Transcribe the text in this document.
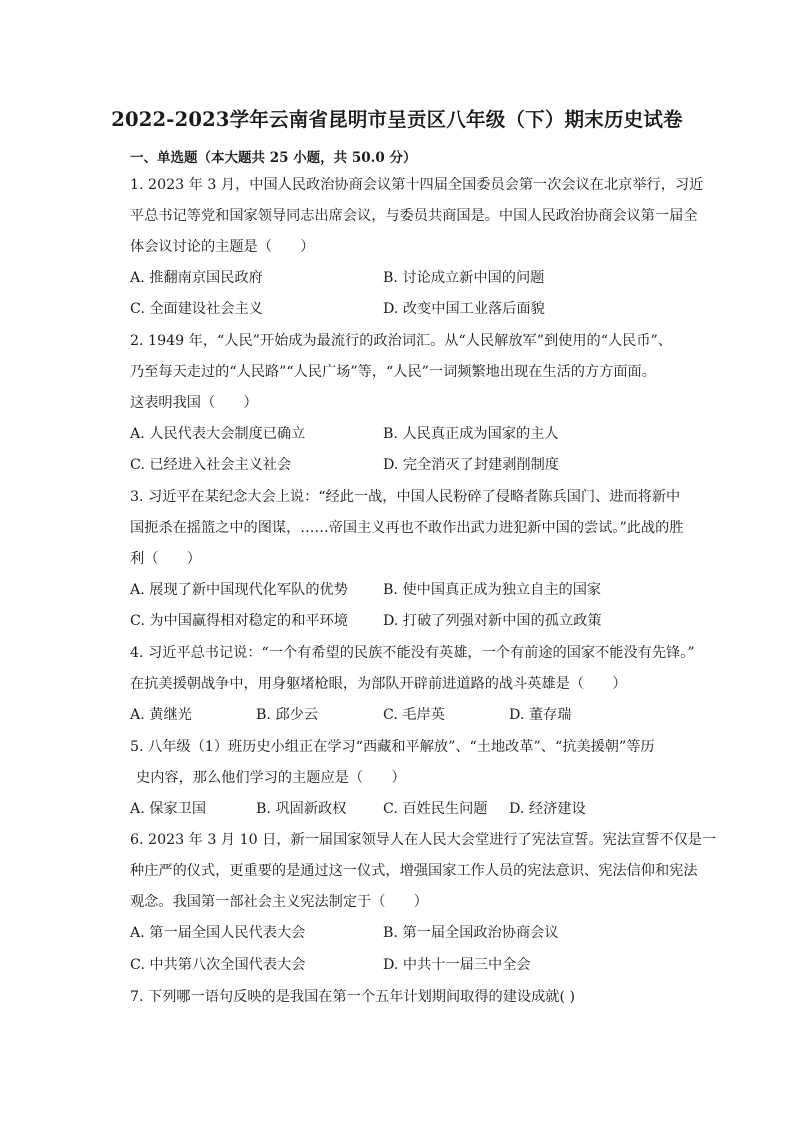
2022-2023学年云南省昆明市呈贡区八年级（下）期末历史试卷
一、单选题（本大题共 25 小题，共 50.0 分）
1. 2023 年 3 月，中国人民政治协商会议第十四届全国委员会第一次会议在北京举行，习近
平总书记等党和国家领导同志出席会议，与委员共商国是。中国人民政治协商会议第一届全
体会议讨论的主题是（　　）
A. 推翻南京国民政府	B. 讨论成立新中国的问题
C. 全面建设社会主义	D. 改变中国工业落后面貌
2. 1949 年，“人民”开始成为最流行的政治词汇。从“人民解放军”到使用的“人民币”、
乃至每天走过的“人民路”“人民广场”等，“人民”一词频繁地出现在生活的方方面面。
这表明我国（　　）
A. 人民代表大会制度已确立	B. 人民真正成为国家的主人
C. 已经进入社会主义社会	D. 完全消灭了封建剥削制度
3. 习近平在某纪念大会上说：“经此一战，中国人民粉碎了侵略者陈兵国门、进而将新中
国扼杀在摇篮之中的图谋，……帝国主义再也不敢作出武力进犯新中国的尝试。”此战的胜
利（　　）
A. 展现了新中国现代化军队的优势 B. 使中国真正成为独立自主的国家
C. 为中国赢得相对稳定的和平环境 D. 打破了列强对新中国的孤立政策
4. 习近平总书记说：“一个有希望的民族不能没有英雄，一个有前途的国家不能没有先锋。”
在抗美援朝战争中，用身躯堵枪眼，为部队开辟前进道路的战斗英雄是（　　）
A. 黄继光	B. 邱少云	C. 毛岸英	D. 董存瑞
5. 八年级（1）班历史小组正在学习“西藏和平解放”、“土地改革”、“抗美援朝”等历
史内容，那么他们学习的主题应是（　　）
A. 保家卫国	B. 巩固新政权	C. 百姓民生问题 D. 经济建设
6. 2023 年 3 月 10 日，新一届国家领导人在人民大会堂进行了宪法宣誓。宪法宣誓不仅是一
种庄严的仪式，更重要的是通过这一仪式，增强国家工作人员的宪法意识、宪法信仰和宪法
观念。我国第一部社会主义宪法制定于（　　）
A. 第一届全国人民代表大会	B. 第一届全国政治协商会议
C. 中共第八次全国代表大会	D. 中共十一届三中全会
7. 下列哪一语句反映的是我国在第一个五年计划期间取得的建设成就( )
